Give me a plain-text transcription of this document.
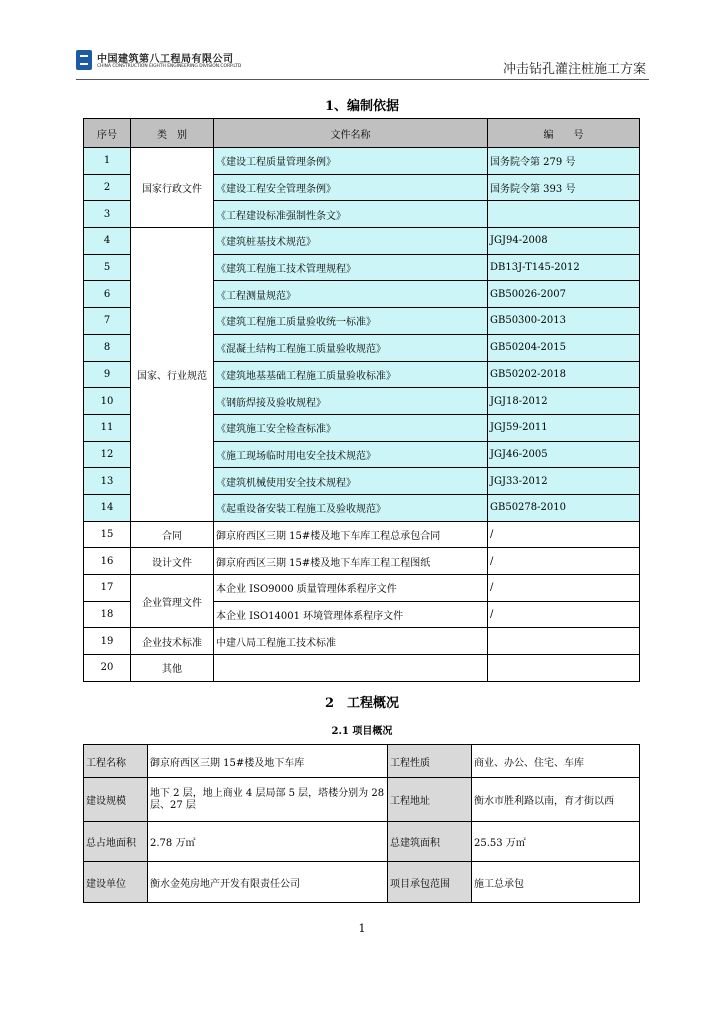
中国建筑第八工程局有限公司
CHINA CONSTRUCTION EIGHTH ENGINEERING DIVISION.CORP.LTD	冲击钻孔灌注桩施工方案
1、编制依据
序号	类　别	文件名称	编　　号
1	国家行政文件	《建设工程质量管理条例》	国务院令第 279 号
2		《建设工程安全管理条例》	国务院令第 393 号
3		《工程建设标准强制性条文》	
4	国家、行业规范	《建筑桩基技术规范》	JGJ94-2008
5		《建筑工程施工技术管理规程》	DB13J-T145-2012
6		《工程测量规范》	GB50026-2007
7		《建筑工程施工质量验收统一标准》	GB50300-2013
8		《混凝土结构工程施工质量验收规范》	GB50204-2015
9		《建筑地基基础工程施工质量验收标准》	GB50202-2018
10		《钢筋焊接及验收规程》	JGJ18-2012
11		《建筑施工安全检查标准》	JGJ59-2011
12		《施工现场临时用电安全技术规范》	JGJ46-2005
13		《建筑机械使用安全技术规程》	JGJ33-2012
14		《起重设备安装工程施工及验收规范》	GB50278-2010
15	合同	御京府西区三期 15#楼及地下车库工程总承包合同	/
16	设计文件	御京府西区三期 15#楼及地下车库工程工程图纸	/
17	企业管理文件	本企业 ISO9000 质量管理体系程序文件	/
18		本企业 ISO14001 环境管理体系程序文件	/
19	企业技术标准	中建八局工程施工技术标准	
20	其他		
2　工程概况
2.1 项目概况
工程名称	御京府西区三期 15#楼及地下车库	工程性质	商业、办公、住宅、车库
建设规模	地下 2 层，地上商业 4 层局部 5 层，塔楼分别为 28 层、27 层	工程地址	衡水市胜利路以南，育才街以西
总占地面积	2.78 万㎡	总建筑面积	25.53 万㎡
建设单位	衡水金苑房地产开发有限责任公司	项目承包范围	施工总承包
1
